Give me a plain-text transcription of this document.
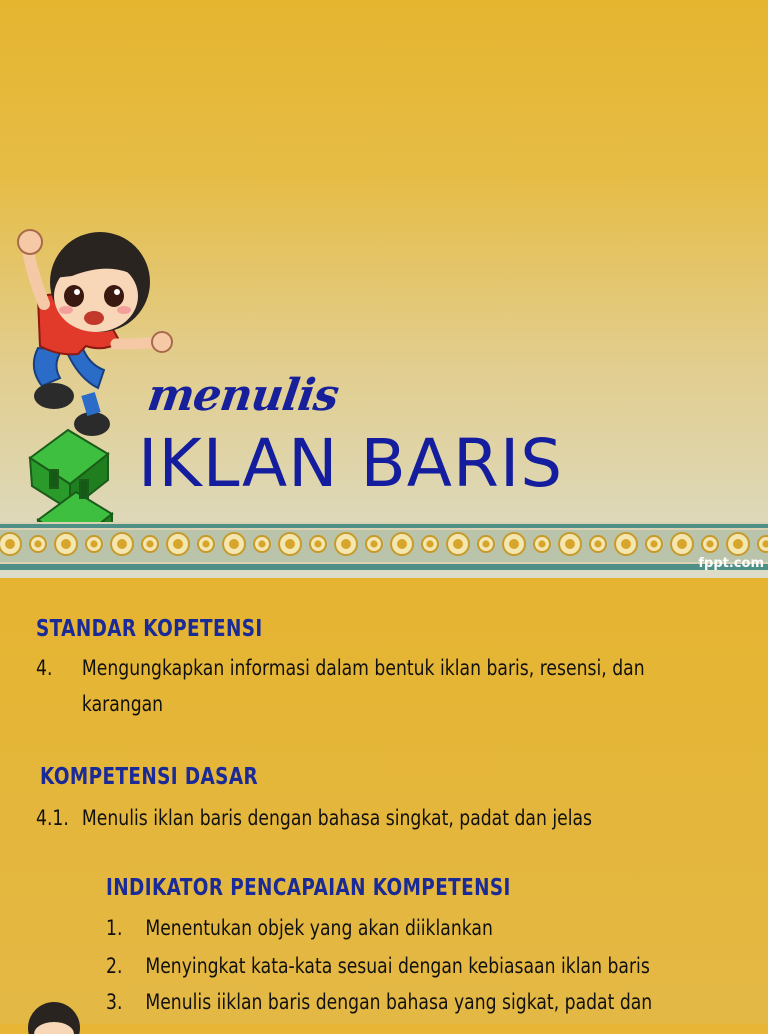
menulis
IKLAN BARIS
fppt.com
STANDAR KOPETENSI
4. Mengungkapkan informasi dalam bentuk iklan baris, resensi, dan
karangan
KOMPETENSI DASAR
4.1. Menulis iklan baris dengan bahasa singkat, padat dan jelas
INDIKATOR PENCAPAIAN KOMPETENSI
1. Menentukan objek yang akan diiklankan
2. Menyingkat kata-kata sesuai dengan kebiasaan iklan baris
3. Menulis iiklan baris dengan bahasa yang sigkat, padat dan
